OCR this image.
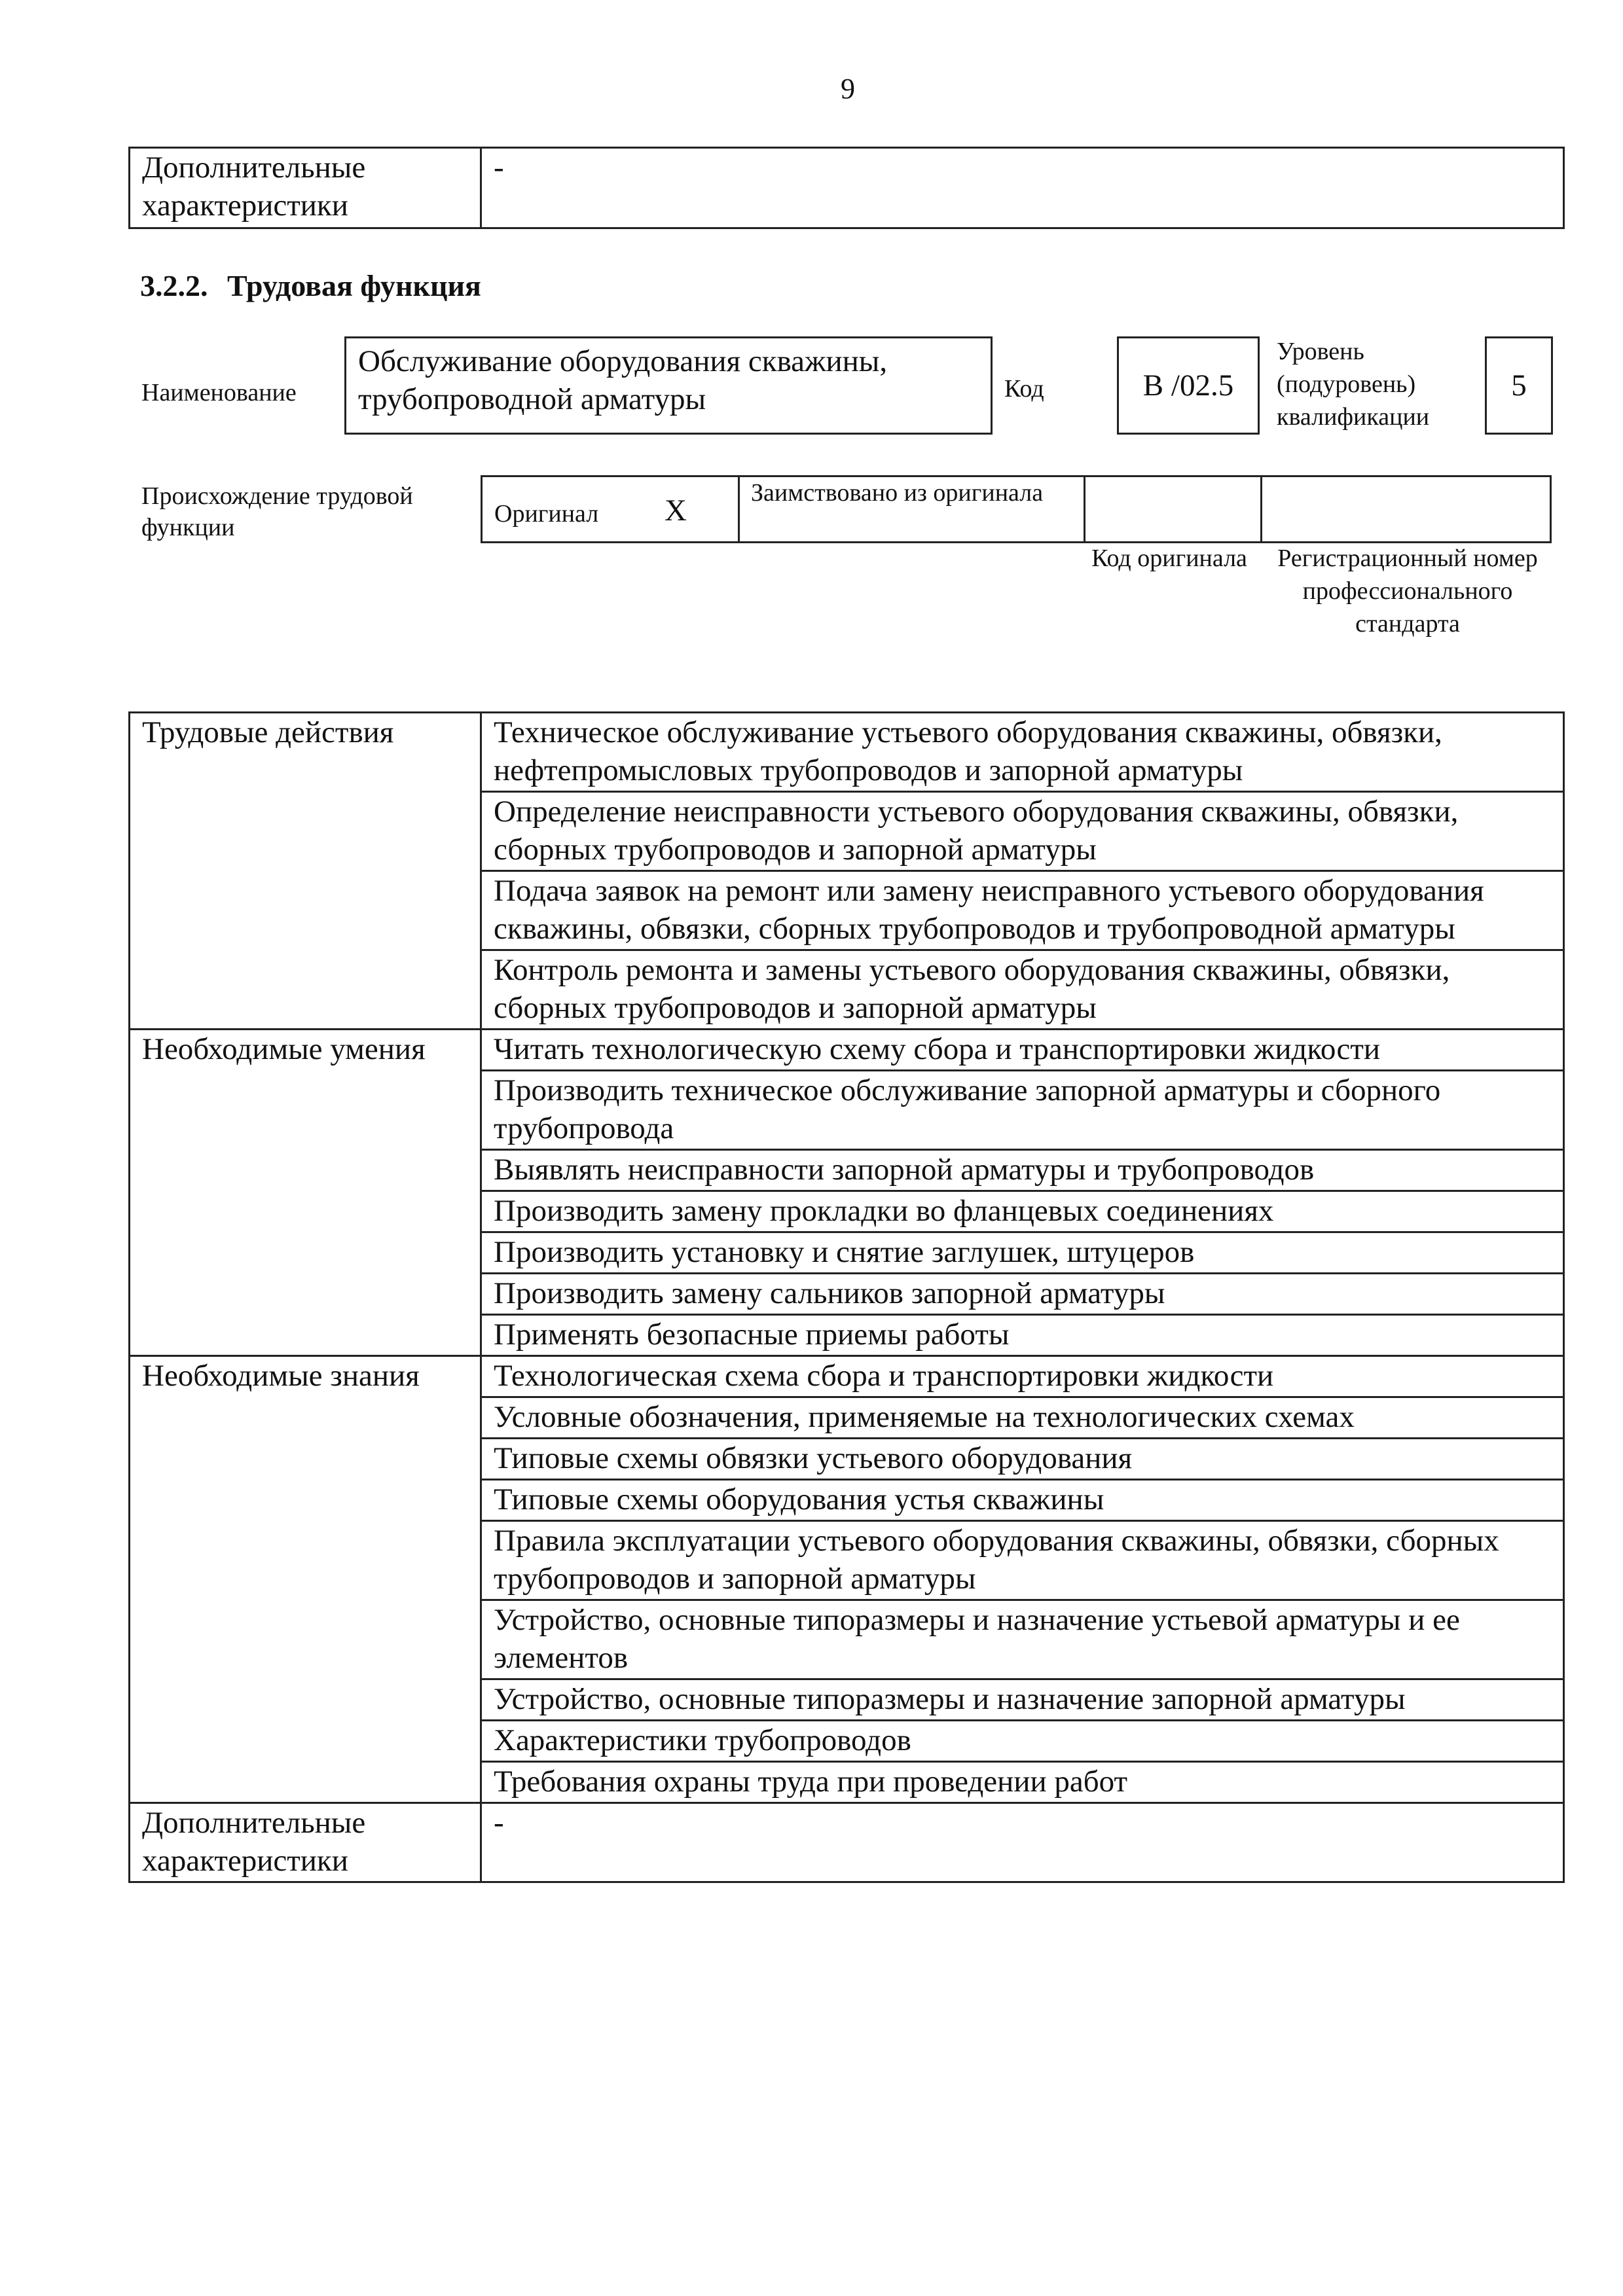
9
Дополнительные характеристики	-
3.2.2. Трудовая функция
Наименование
Обслуживание оборудования скважины, трубопроводной арматуры	Код	B /02.5
Уровень
(подуровень)
квалификации
5
Происхождение трудовой функции	Оригинал X
Заимствовано из оригинала
Код оригинала Регистрационный номер профессионального стандарта
Трудовые действия	Техническое обслуживание устьевого оборудования скважины, обвязки, нефтепромысловых трубопроводов и запорной арматуры
	Определение неисправности устьевого оборудования скважины, обвязки, сборных трубопроводов и запорной арматуры
	Подача заявок на ремонт или замену неисправного устьевого оборудования скважины, обвязки, сборных трубопроводов и трубопроводной арматуры
	Контроль ремонта и замены устьевого оборудования скважины, обвязки, сборных трубопроводов и запорной арматуры
Необходимые умения	Читать технологическую схему сбора и транспортировки жидкости
	Производить техническое обслуживание запорной арматуры и сборного трубопровода
	Выявлять неисправности запорной арматуры и трубопроводов
	Производить замену прокладки во фланцевых соединениях
	Производить установку и снятие заглушек, штуцеров
	Производить замену сальников запорной арматуры
	Применять безопасные приемы работы
Необходимые знания	Технологическая схема сбора и транспортировки жидкости
	Условные обозначения, применяемые на технологических схемах
	Типовые схемы обвязки устьевого оборудования
	Типовые схемы оборудования устья скважины
	Правила эксплуатации устьевого оборудования скважины, обвязки, сборных трубопроводов и запорной арматуры
	Устройство, основные типоразмеры и назначение устьевой арматуры и ее элементов
	Устройство, основные типоразмеры и назначение запорной арматуры
	Характеристики трубопроводов
	Требования охраны труда при проведении работ
Дополнительные характеристики	-
